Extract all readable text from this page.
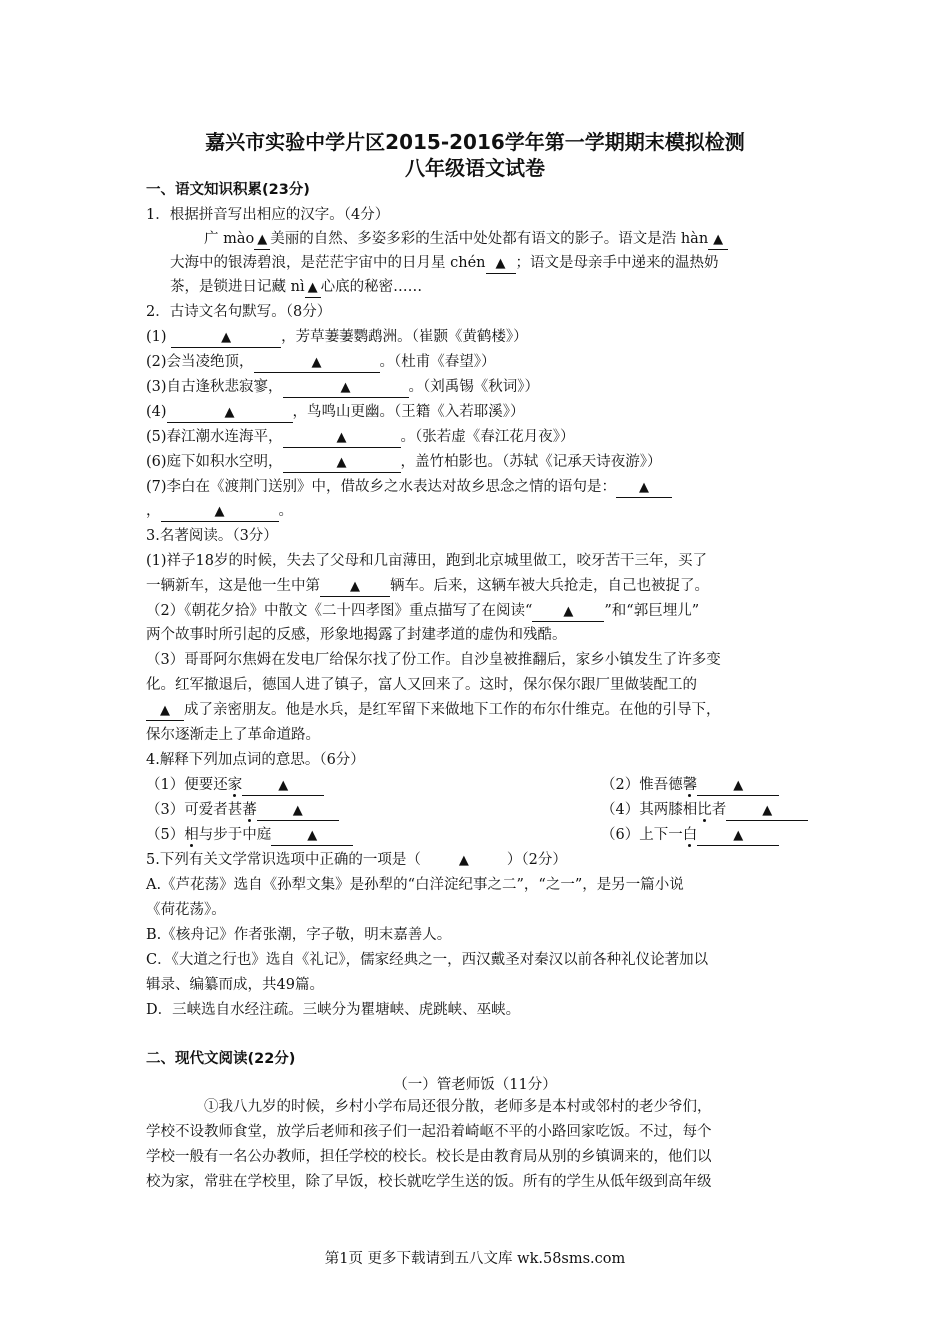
嘉兴市实验中学片区2015-2016学年第一学期期末模拟检测
八年级语文试卷
一、语文知识积累(23分)
1．根据拼音写出相应的汉字。（4分）
广 mào ▲ 美丽的自然、多姿多彩的生活中处处都有语文的影子。语文是浩 hàn ▲
大海中的银涛碧浪，是茫茫宇宙中的日月星 chén ▲ ；语文是母亲手中递来的温热奶
茶，是锁进日记藏 nì ▲ 心底的秘密……
2．古诗文名句默写。（8分）
(1)	▲	，芳草萋萋鹦鹉洲。（崔颢《黄鹤楼》）
(2)会当凌绝顶，	▲	。（杜甫《春望》）
(3)自古逢秋悲寂寥，	▲	。（刘禹锡《秋词》）
(4)	▲	，鸟鸣山更幽。（王籍《入若耶溪》）
(5)春江潮水连海平，	▲	。（张若虚《春江花月夜》）
(6)庭下如积水空明，	▲	，盖竹柏影也。（苏轼《记承天诗夜游》）
(7)李白在《渡荆门送别》中，借故乡之水表达对故乡思念之情的语句是： ▲
，	▲	。
3.名著阅读。（3分）
(1)祥子18岁的时候，失去了父母和几亩薄田，跑到北京城里做工，咬牙苦干三年，买了
一辆新车，这是他一生中第 ▲ 辆车。后来，这辆车被大兵抢走，自己也被捉了。
（2）《朝花夕拾》中散文《二十四孝图》重点描写了在阅读“ ▲ ”和“郭巨埋儿”
两个故事时所引起的反感，形象地揭露了封建孝道的虚伪和残酷。
（3）哥哥阿尔焦姆在发电厂给保尔找了份工作。自沙皇被推翻后，家乡小镇发生了许多变
化。红军撤退后，德国人进了镇子，富人又回来了。这时，保尔保尔跟厂里做装配工的
▲ 成了亲密朋友。他是水兵，是红军留下来做地下工作的布尔什维克。在他的引导下，
保尔逐渐走上了革命道路。
4.解释下列加点词的意思。（6分）
（1）便要还家	▲	（2）惟吾德馨	▲
（3）可爱者甚蕃	▲	（4）其两膝相比者	▲
（5）相与步于中庭	▲	（6）上下一白	▲
5.下列有关文学常识选项中正确的一项是（	▲	）（2分）
A.《芦花荡》选自《孙犁文集》是孙犁的“白洋淀纪事之二”，“之一”，是另一篇小说
《荷花荡》。
B.《核舟记》作者张潮，字子敬，明末嘉善人。
C．《大道之行也》选自《礼记》，儒家经典之一，西汉戴圣对秦汉以前各种礼仪论著加以
辑录、编纂而成，共49篇。
D．三峡选自水经注疏。三峡分为瞿塘峡、虎跳峡、巫峡。
二、现代文阅读(22分)
（一）管老师饭（11分）
①我八九岁的时候，乡村小学布局还很分散，老师多是本村或邻村的老少爷们，
学校不设教师食堂，放学后老师和孩子们一起沿着崎岖不平的小路回家吃饭。不过，每个
学校一般有一名公办教师，担任学校的校长。校长是由教育局从别的乡镇调来的，他们以
校为家，常驻在学校里，除了早饭，校长就吃学生送的饭。所有的学生从低年级到高年级
第1页 更多下载请到五八文库 wk.58sms.com
